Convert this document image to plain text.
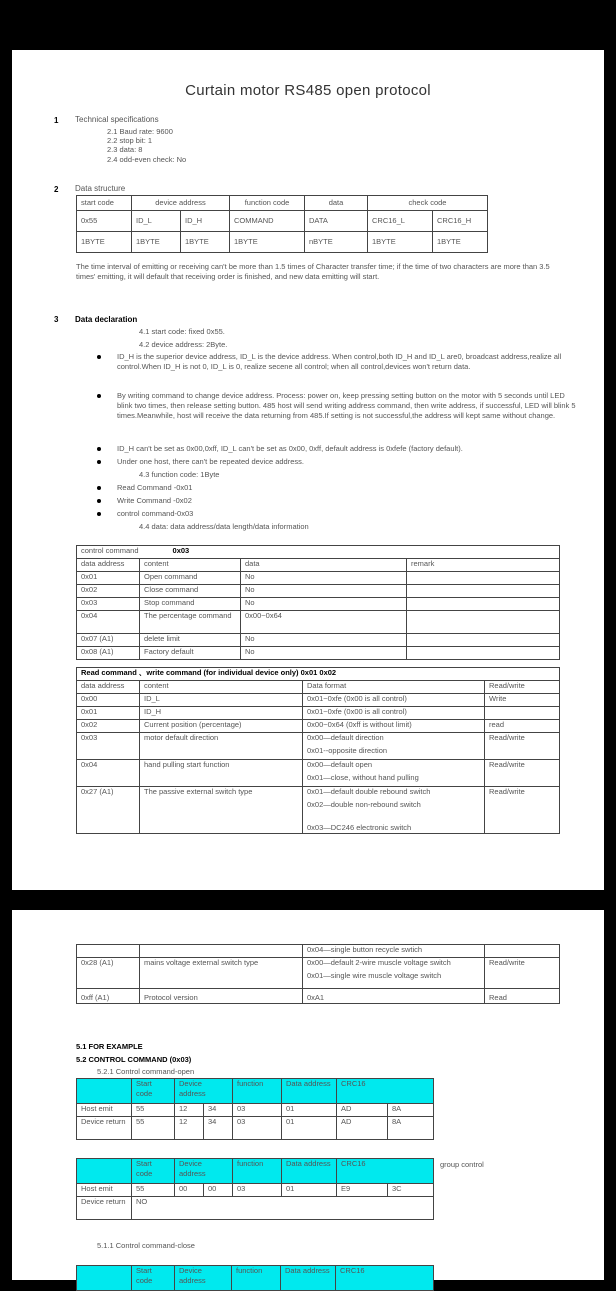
Curtain motor RS485 open protocol
1 Technical specifications
2.1 Baud rate: 9600
2.2 stop bit: 1
2.3 data: 8
2.4 odd-even check: No
2 Data structure
start code	device address		function code	data	check code	
0x55	ID_L	ID_H	COMMAND	DATA	CRC16_L	CRC16_H
1BYTE	1BYTE	1BYTE	1BYTE	nBYTE	1BYTE	1BYTE
The time interval of emitting or receiving can't be more than 1.5 times of Character transfer time; if the time of two characters are more than 3.5 times' emitting, it will default that receiving order is finished, and new data emitting will start.
3 Data declaration
4.1 start code: fixed 0x55.
4.2 device address: 2Byte.
ID_H is the superior device address, ID_L is the device address. When control,both ID_H and ID_L are0, broadcast address,realize all control.When ID_H is not 0, ID_L is 0, realize secene all control; when all control,devices won't return data.
By writing command to change device address. Process: power on, keep pressing setting button on the motor with 5 seconds until LED blink two times, then release setting button. 485 host will send writing address command, then write address, if successful, LED will blink 5 times.Meanwhile, host will receive the data returning from 485.If setting is not successful,the address will kept same without change.
ID_H can't be set as 0x00,0xff, ID_L can't be set as 0x00, 0xff, default address is 0xfefe (factory default).
Under one host, there can't be repeated device address.
4.3 function code: 1Byte
Read Command -0x01
Write Command -0x02
control command-0x03
4.4 data: data address/data length/data information
control command 0x03			
data address	content	data	remark
0x01	Open command	No	
0x02	Close command	No	
0x03	Stop command	No	
0x04	The percentage command	0x00~0x64	
0x07 (A1)	delete limit	No	
0x08 (A1)	Factory default	No	
Read command 、write command (for individual device only) 0x01 0x02			
data address	content	Data format	Read/write
0x00	ID_L	0x01~0xfe (0x00 is all control)	Write
0x01	ID_H	0x01~0xfe (0x00 is all control)	
0x02	Current position (percentage)	0x00~0x64 (0xff is without limit)	read
0x03	motor default direction	0x00—default direction
0x01--opposite direction	Read/write
0x04	hand pulling start function	0x00—default open
0x01—close, without hand pulling	Read/write
0x27 (A1)	The passive external switch type	0x01—default double rebound switch
0x02—double non-rebound switch
0x03—DC246 electronic switch	Read/write
		0x04—single button recycle swtich	
0x28 (A1)	mains voltage external switch type	0x00—default 2-wire muscle voltage switch
0x01—single wire muscle voltage switch	Read/write
0xff (A1)	Protocol version	0xA1	Read
5.1 FOR EXAMPLE
5.2 CONTROL COMMAND (0x03)
5.2.1 Control command-open
	Start code	Device address		function	Data address	CRC16	
Host emit	55	12	34	03	01	AD	8A
Device return	55	12	34	03	01	AD	8A
group control
	Start code	Device address		function	Data address	CRC16	
Host emit	55	00	00	03	01	E9	3C
Device return	NO						
5.1.1 Control command-close
	Start code	Device address	function	Data address	CRC16
